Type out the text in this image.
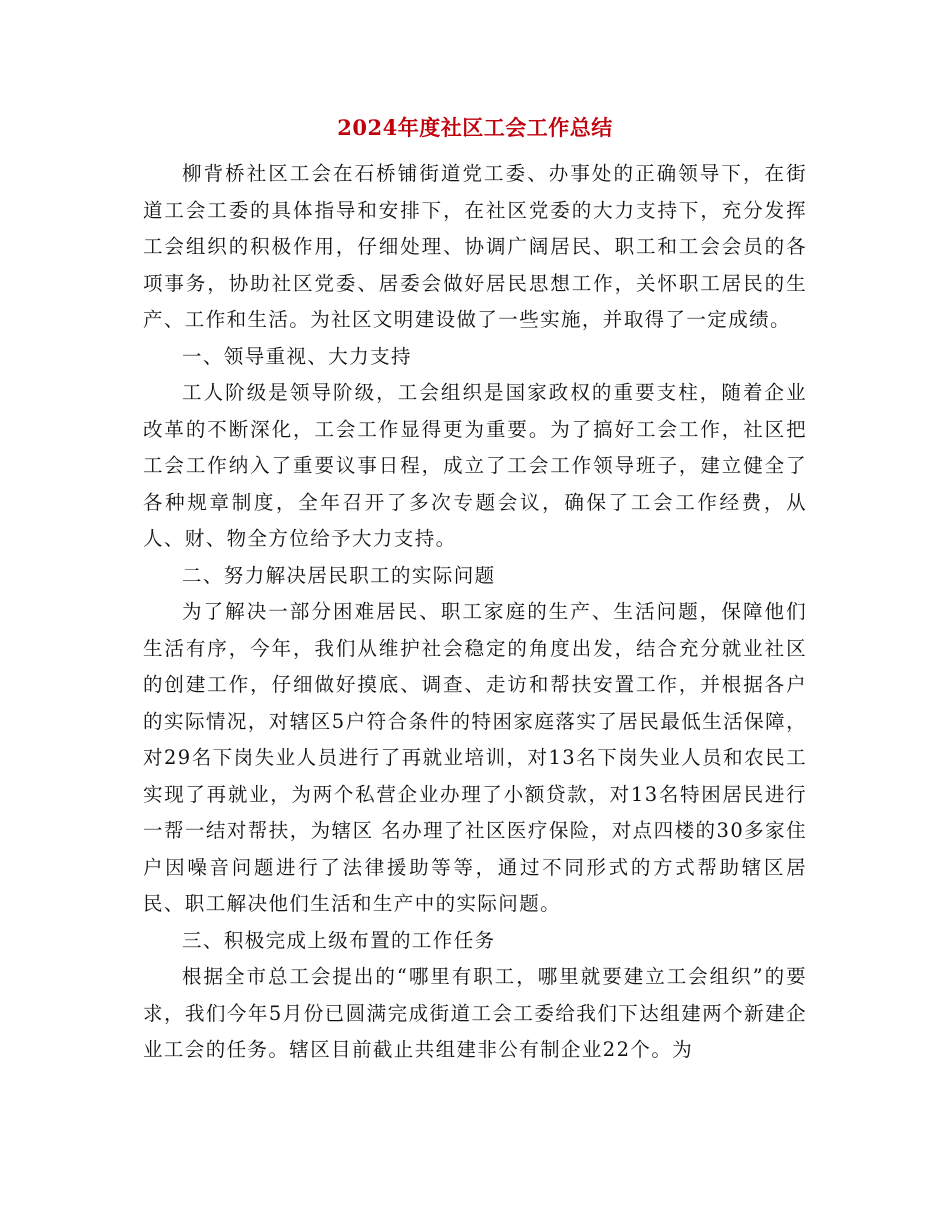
2024年度社区工会工作总结

柳背桥社区工会在石桥铺街道党工委、办事处的正确领导下，在街道工会工委的具体指导和安排下，在社区党委的大力支持下，充分发挥工会组织的积极作用，仔细处理、协调广阔居民、职工和工会会员的各项事务，协助社区党委、居委会做好居民思想工作，关怀职工居民的生产、工作和生活。为社区文明建设做了一些实施，并取得了一定成绩。

一、领导重视、大力支持

工人阶级是领导阶级，工会组织是国家政权的重要支柱，随着企业改革的不断深化，工会工作显得更为重要。为了搞好工会工作，社区把工会工作纳入了重要议事日程，成立了工会工作领导班子，建立健全了各种规章制度，全年召开了多次专题会议，确保了工会工作经费，从人、财、物全方位给予大力支持。

二、努力解决居民职工的实际问题

为了解决一部分困难居民、职工家庭的生产、生活问题，保障他们生活有序，今年，我们从维护社会稳定的角度出发，结合充分就业社区的创建工作，仔细做好摸底、调查、走访和帮扶安置工作，并根据各户的实际情况，对辖区5户符合条件的特困家庭落实了居民最低生活保障，对29名下岗失业人员进行了再就业培训，对13名下岗失业人员和农民工实现了再就业，为两个私营企业办理了小额贷款，对13名特困居民进行一帮一结对帮扶，为辖区 名办理了社区医疗保险，对点四楼的30多家住户因噪音问题进行了法律援助等等，通过不同形式的方式帮助辖区居民、职工解决他们生活和生产中的实际问题。

三、积极完成上级布置的工作任务

根据全市总工会提出的“哪里有职工，哪里就要建立工会组织”的要求，我们今年5月份已圆满完成街道工会工委给我们下达组建两个新建企业工会的任务。辖区目前截止共组建非公有制企业22个。为
